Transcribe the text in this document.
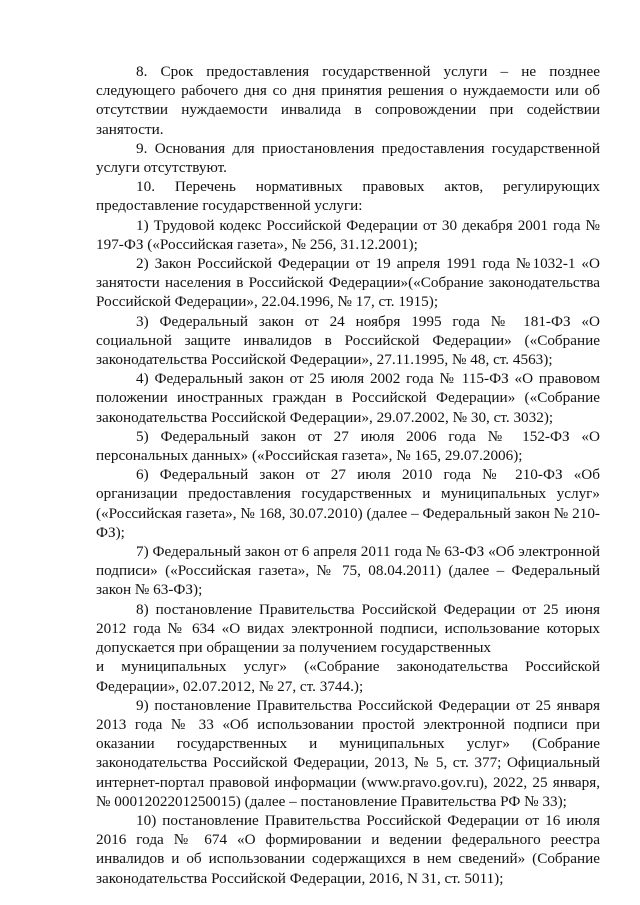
8. Срок предоставления государственной услуги – не позднее следующего рабочего дня со дня принятия решения о нуждаемости или об отсутствии нуждаемости инвалида в сопровождении при содействии занятости.

9. Основания для приостановления предоставления государственной услуги отсутствуют.

10. Перечень нормативных правовых актов, регулирующих предоставление государственной услуги:

1) Трудовой кодекс Российской Федерации от 30 декабря 2001 года № 197-ФЗ («Российская газета», № 256, 31.12.2001);

2) Закон Российской Федерации от 19 апреля 1991 года №1032-1 «О занятости населения в Российской Федерации»(«Собрание законодательства Российской Федерации», 22.04.1996, № 17, ст. 1915);

3) Федеральный закон от 24 ноября 1995 года № 181-ФЗ «О социальной защите инвалидов в Российской Федерации» («Собрание законодательства Российской Федерации», 27.11.1995, № 48, ст. 4563);

4) Федеральный закон от 25 июля 2002 года № 115-ФЗ «О правовом положении иностранных граждан в Российской Федерации» («Собрание законодательства Российской Федерации», 29.07.2002, № 30, ст. 3032);

5) Федеральный закон от 27 июля 2006 года № 152-ФЗ «О персональных данных» («Российская газета», № 165, 29.07.2006);

6) Федеральный закон от 27 июля 2010 года № 210-ФЗ «Об организации предоставления государственных и муниципальных услуг» («Российская газета», № 168, 30.07.2010) (далее – Федеральный закон № 210-ФЗ);

7) Федеральный закон от 6 апреля 2011 года № 63-ФЗ «Об электронной подписи» («Российская газета», № 75, 08.04.2011) (далее – Федеральный закон № 63-ФЗ);

8) постановление Правительства Российской Федерации от 25 июня 2012 года № 634 «О видах электронной подписи, использование которых допускается при обращении за получением государственных

и муниципальных услуг» («Собрание законодательства Российской Федерации», 02.07.2012, № 27, ст. 3744.);

9) постановление Правительства Российской Федерации от 25 января 2013 года № 33 «Об использовании простой электронной подписи при оказании государственных и муниципальных услуг» (Собрание законодательства Российской Федерации, 2013, № 5, ст. 377; Официальный интернет-портал правовой информации (www.pravo.gov.ru), 2022, 25 января, № 0001202201250015) (далее – постановление Правительства РФ № 33);

10) постановление Правительства Российской Федерации от 16 июля 2016 года № 674 «О формировании и ведении федерального реестра инвалидов и об использовании содержащихся в нем сведений» (Собрание законодательства Российской Федерации, 2016, N 31, ст. 5011);
